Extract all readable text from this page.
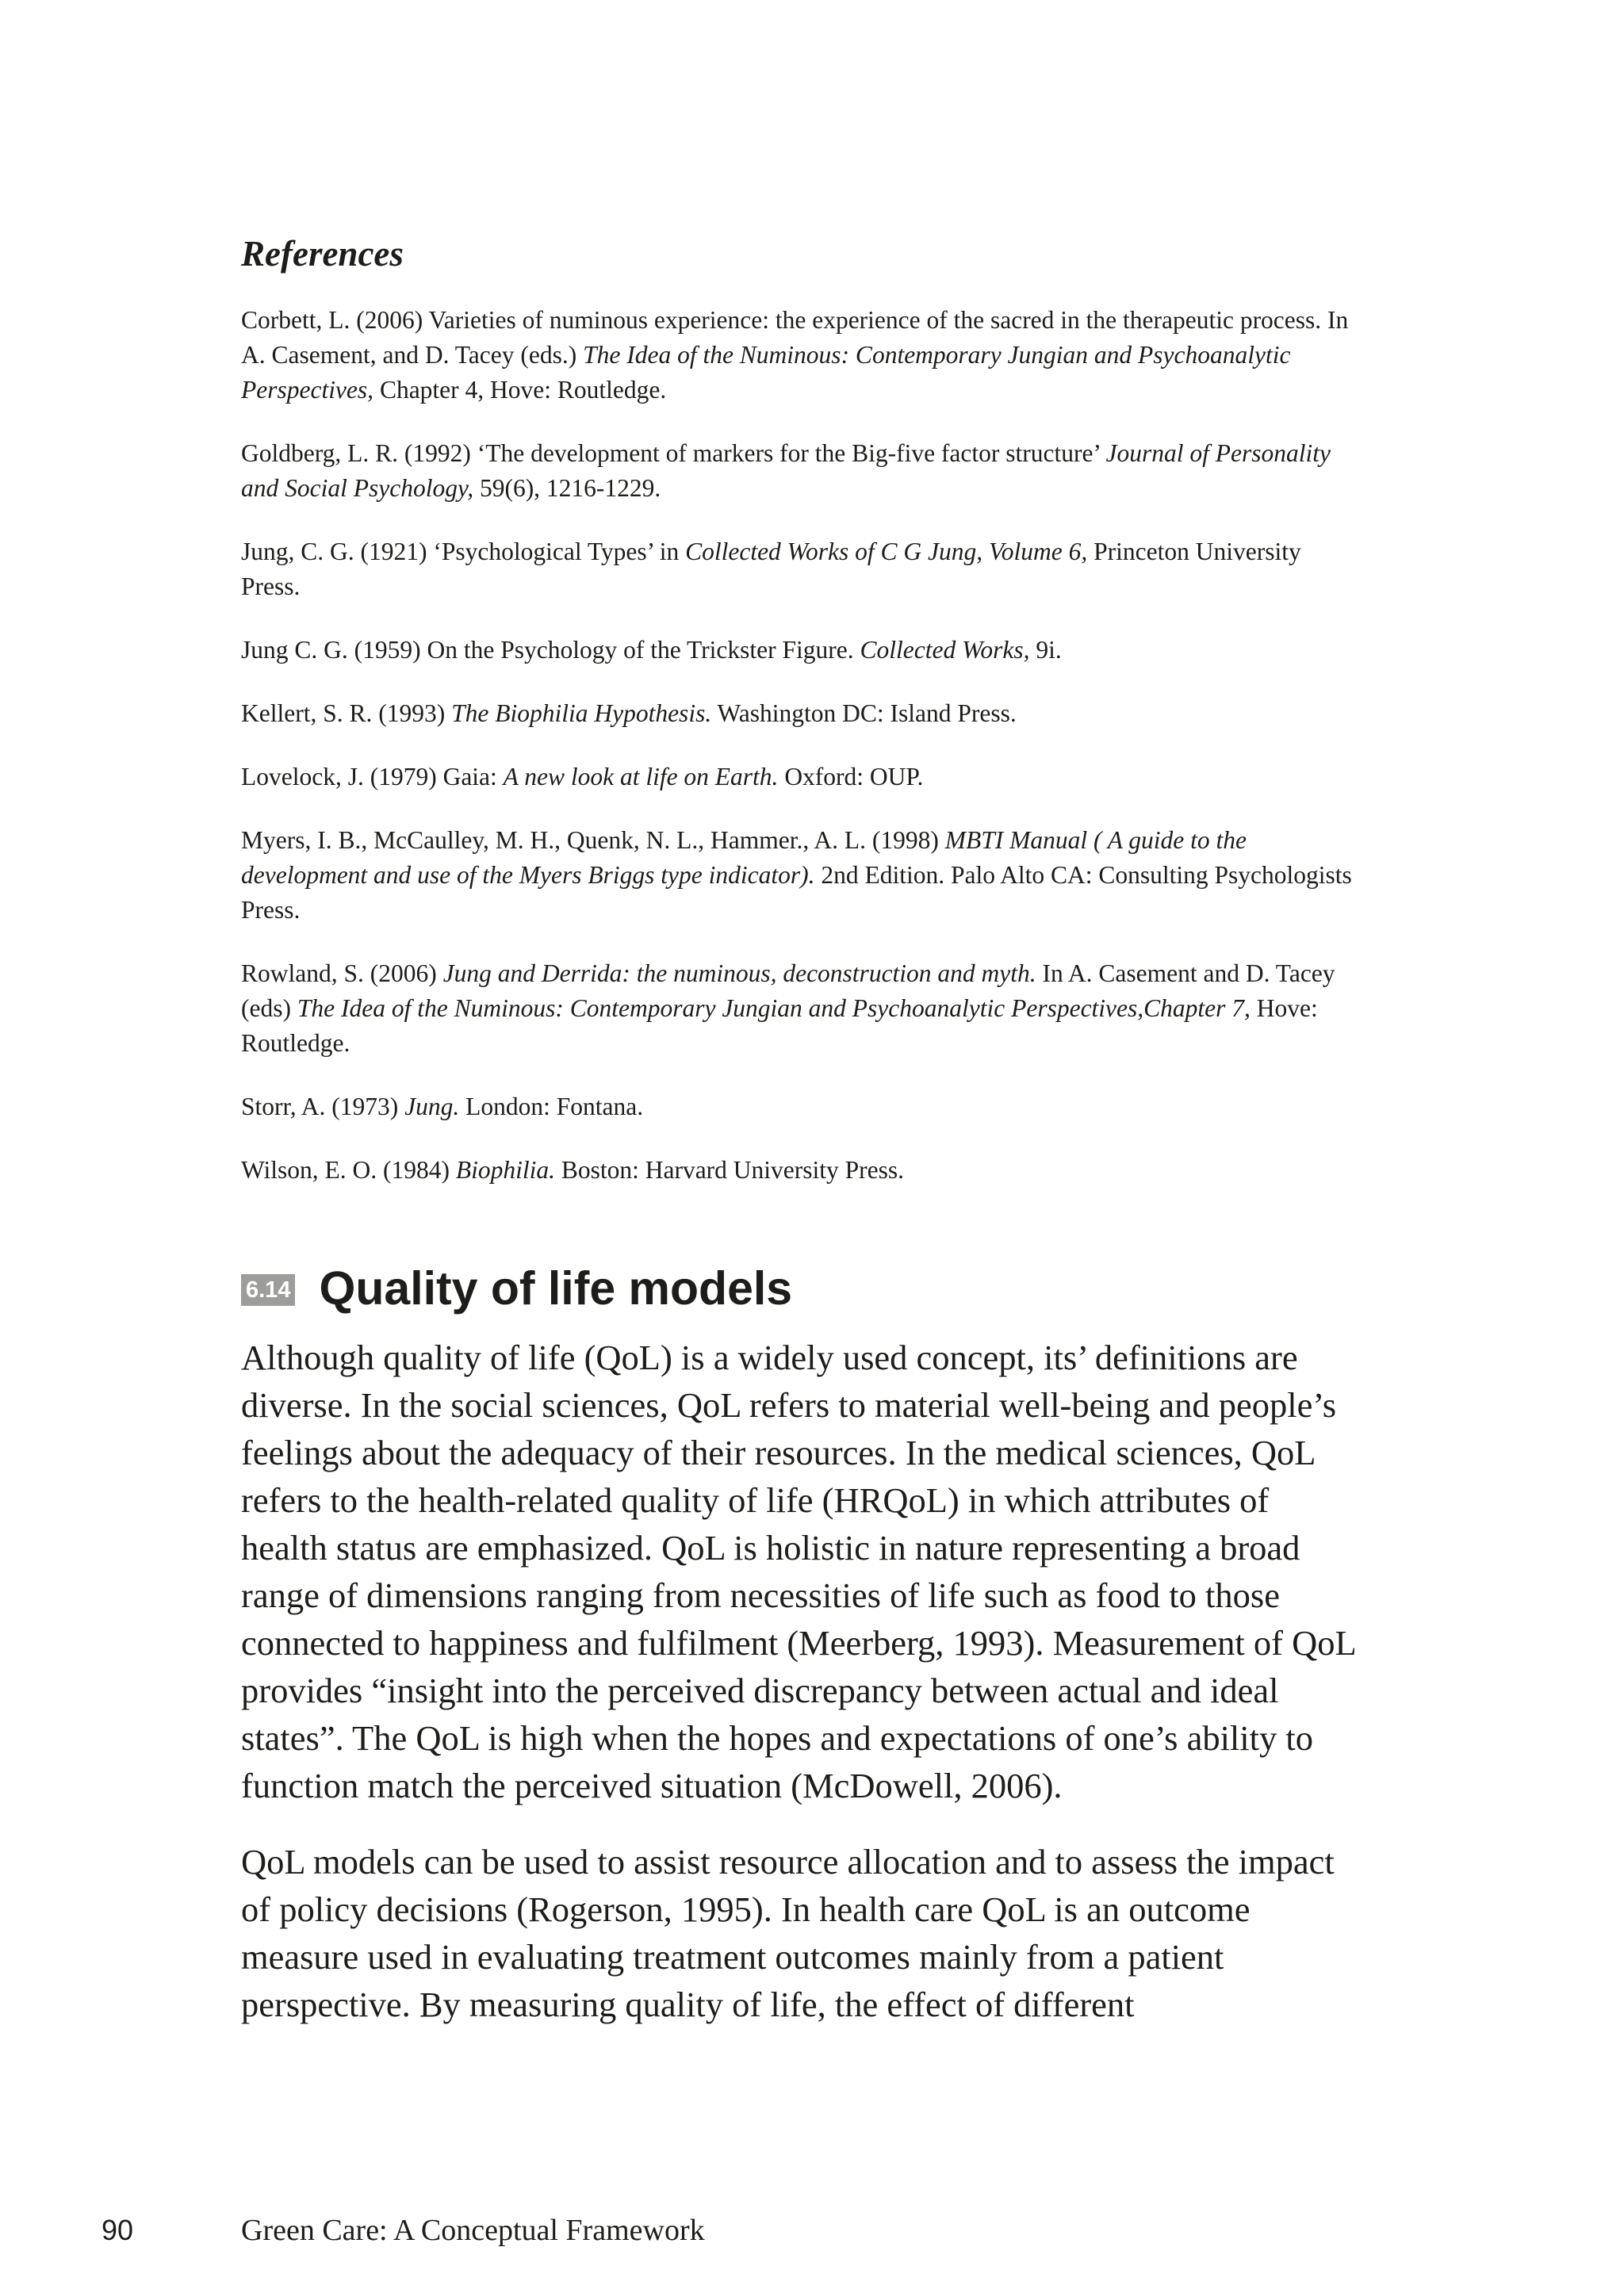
References
Corbett, L. (2006) Varieties of numinous experience: the experience of the sacred in the therapeutic process. In A. Casement, and D. Tacey (eds.) The Idea of the Numinous: Contemporary Jungian and Psychoanalytic Perspectives, Chapter 4, Hove: Routledge.
Goldberg, L. R. (1992) ‘The development of markers for the Big-five factor structure’ Journal of Personality and Social Psychology, 59(6), 1216-1229.
Jung, C. G. (1921) ‘Psychological Types’ in Collected Works of C G Jung, Volume 6, Princeton University Press.
Jung C. G. (1959) On the Psychology of the Trickster Figure. Collected Works, 9i.
Kellert, S. R. (1993) The Biophilia Hypothesis. Washington DC: Island Press.
Lovelock, J. (1979) Gaia: A new look at life on Earth. Oxford: OUP.
Myers, I. B., McCaulley, M. H., Quenk, N. L., Hammer., A. L. (1998) MBTI Manual ( A guide to the development and use of the Myers Briggs type indicator). 2nd Edition. Palo Alto CA: Consulting Psychologists Press.
Rowland, S. (2006) Jung and Derrida: the numinous, deconstruction and myth. In A. Casement and D. Tacey (eds) The Idea of the Numinous: Contemporary Jungian and Psychoanalytic Perspectives,Chapter 7, Hove: Routledge.
Storr, A. (1973) Jung. London: Fontana.
Wilson, E. O. (1984) Biophilia. Boston: Harvard University Press.
6.14 Quality of life models

Although quality of life (QoL) is a widely used concept, its’ definitions are diverse. In the social sciences, QoL refers to material well-being and people’s feelings about the adequacy of their resources. In the medical sciences, QoL refers to the health-related quality of life (HRQoL) in which attributes of health status are emphasized. QoL is holistic in nature representing a broad range of dimensions ranging from necessities of life such as food to those connected to happiness and fulfilment (Meerberg, 1993). Measurement of QoL provides “insight into the perceived discrepancy between actual and ideal states”. The QoL is high when the hopes and expectations of one’s ability to function match the perceived situation (McDowell, 2006).

QoL models can be used to assist resource allocation and to assess the impact of policy decisions (Rogerson, 1995). In health care QoL is an outcome measure used in evaluating treatment outcomes mainly from a patient perspective. By measuring quality of life, the effect of different

90	Green Care: A Conceptual Framework
